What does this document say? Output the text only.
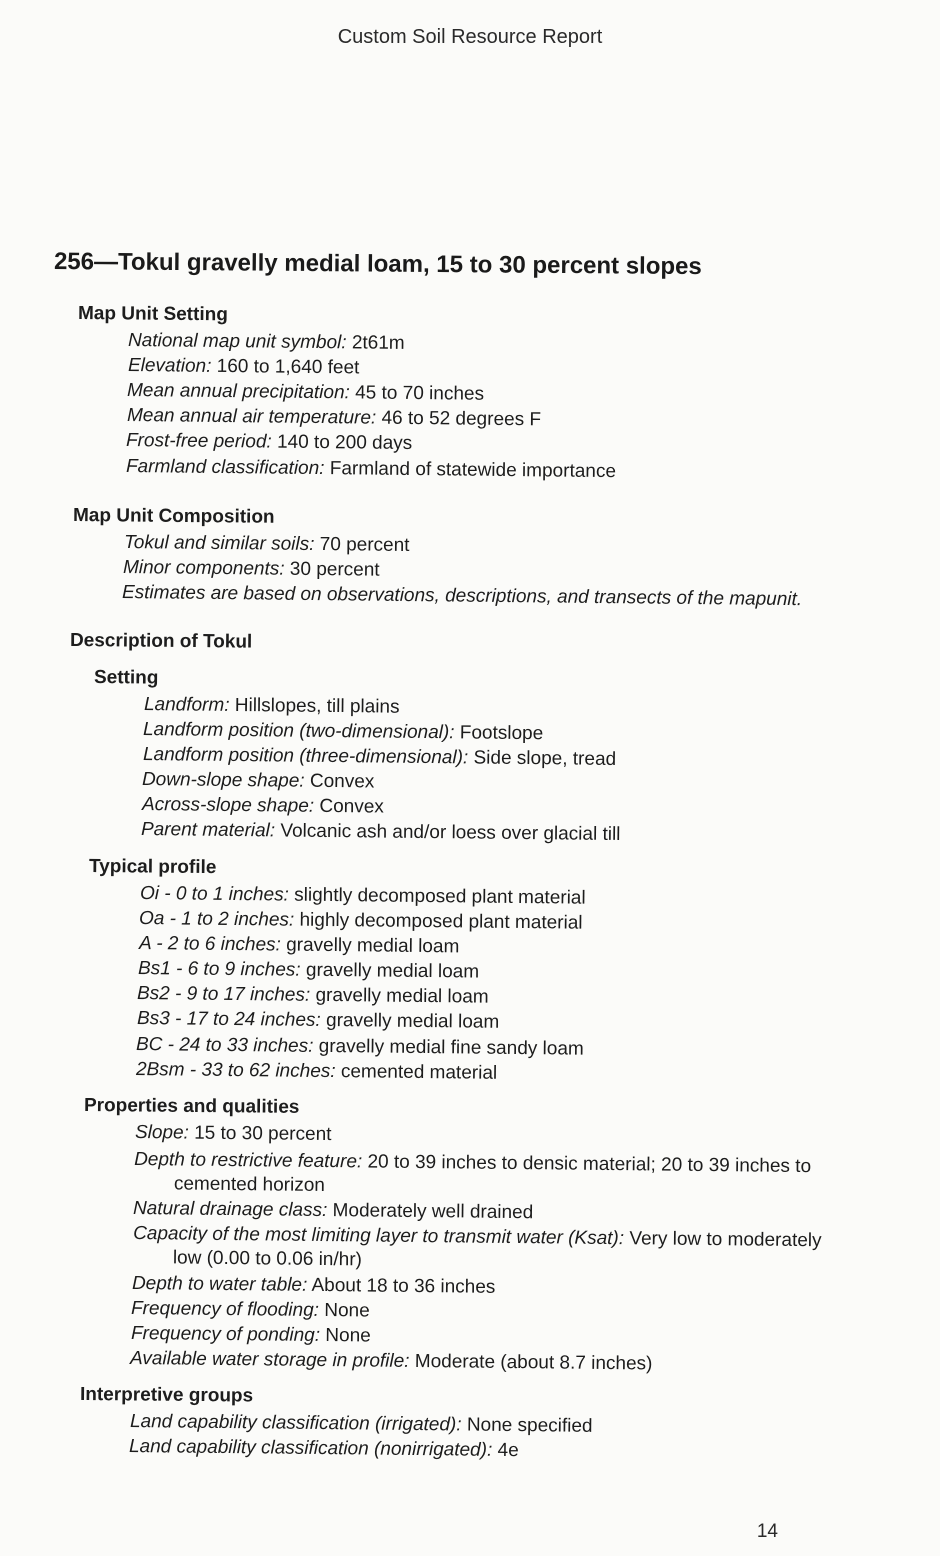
Custom Soil Resource Report
256—Tokul gravelly medial loam, 15 to 30 percent slopes
Map Unit Setting
National map unit symbol: 2t61m
Elevation: 160 to 1,640 feet
Mean annual precipitation: 45 to 70 inches
Mean annual air temperature: 46 to 52 degrees F
Frost-free period: 140 to 200 days
Farmland classification: Farmland of statewide importance
Map Unit Composition
Tokul and similar soils: 70 percent
Minor components: 30 percent
Estimates are based on observations, descriptions, and transects of the mapunit.
Description of Tokul
Setting
Landform: Hillslopes, till plains
Landform position (two-dimensional): Footslope
Landform position (three-dimensional): Side slope, tread
Down-slope shape: Convex
Across-slope shape: Convex
Parent material: Volcanic ash and/or loess over glacial till
Typical profile
Oi - 0 to 1 inches: slightly decomposed plant material
Oa - 1 to 2 inches: highly decomposed plant material
A - 2 to 6 inches: gravelly medial loam
Bs1 - 6 to 9 inches: gravelly medial loam
Bs2 - 9 to 17 inches: gravelly medial loam
Bs3 - 17 to 24 inches: gravelly medial loam
BC - 24 to 33 inches: gravelly medial fine sandy loam
2Bsm - 33 to 62 inches: cemented material
Properties and qualities
Slope: 15 to 30 percent
Depth to restrictive feature: 20 to 39 inches to densic material; 20 to 39 inches to
cemented horizon
Natural drainage class: Moderately well drained
Capacity of the most limiting layer to transmit water (Ksat): Very low to moderately
low (0.00 to 0.06 in/hr)
Depth to water table: About 18 to 36 inches
Frequency of flooding: None
Frequency of ponding: None
Available water storage in profile: Moderate (about 8.7 inches)
Interpretive groups
Land capability classification (irrigated): None specified
Land capability classification (nonirrigated): 4e
14
